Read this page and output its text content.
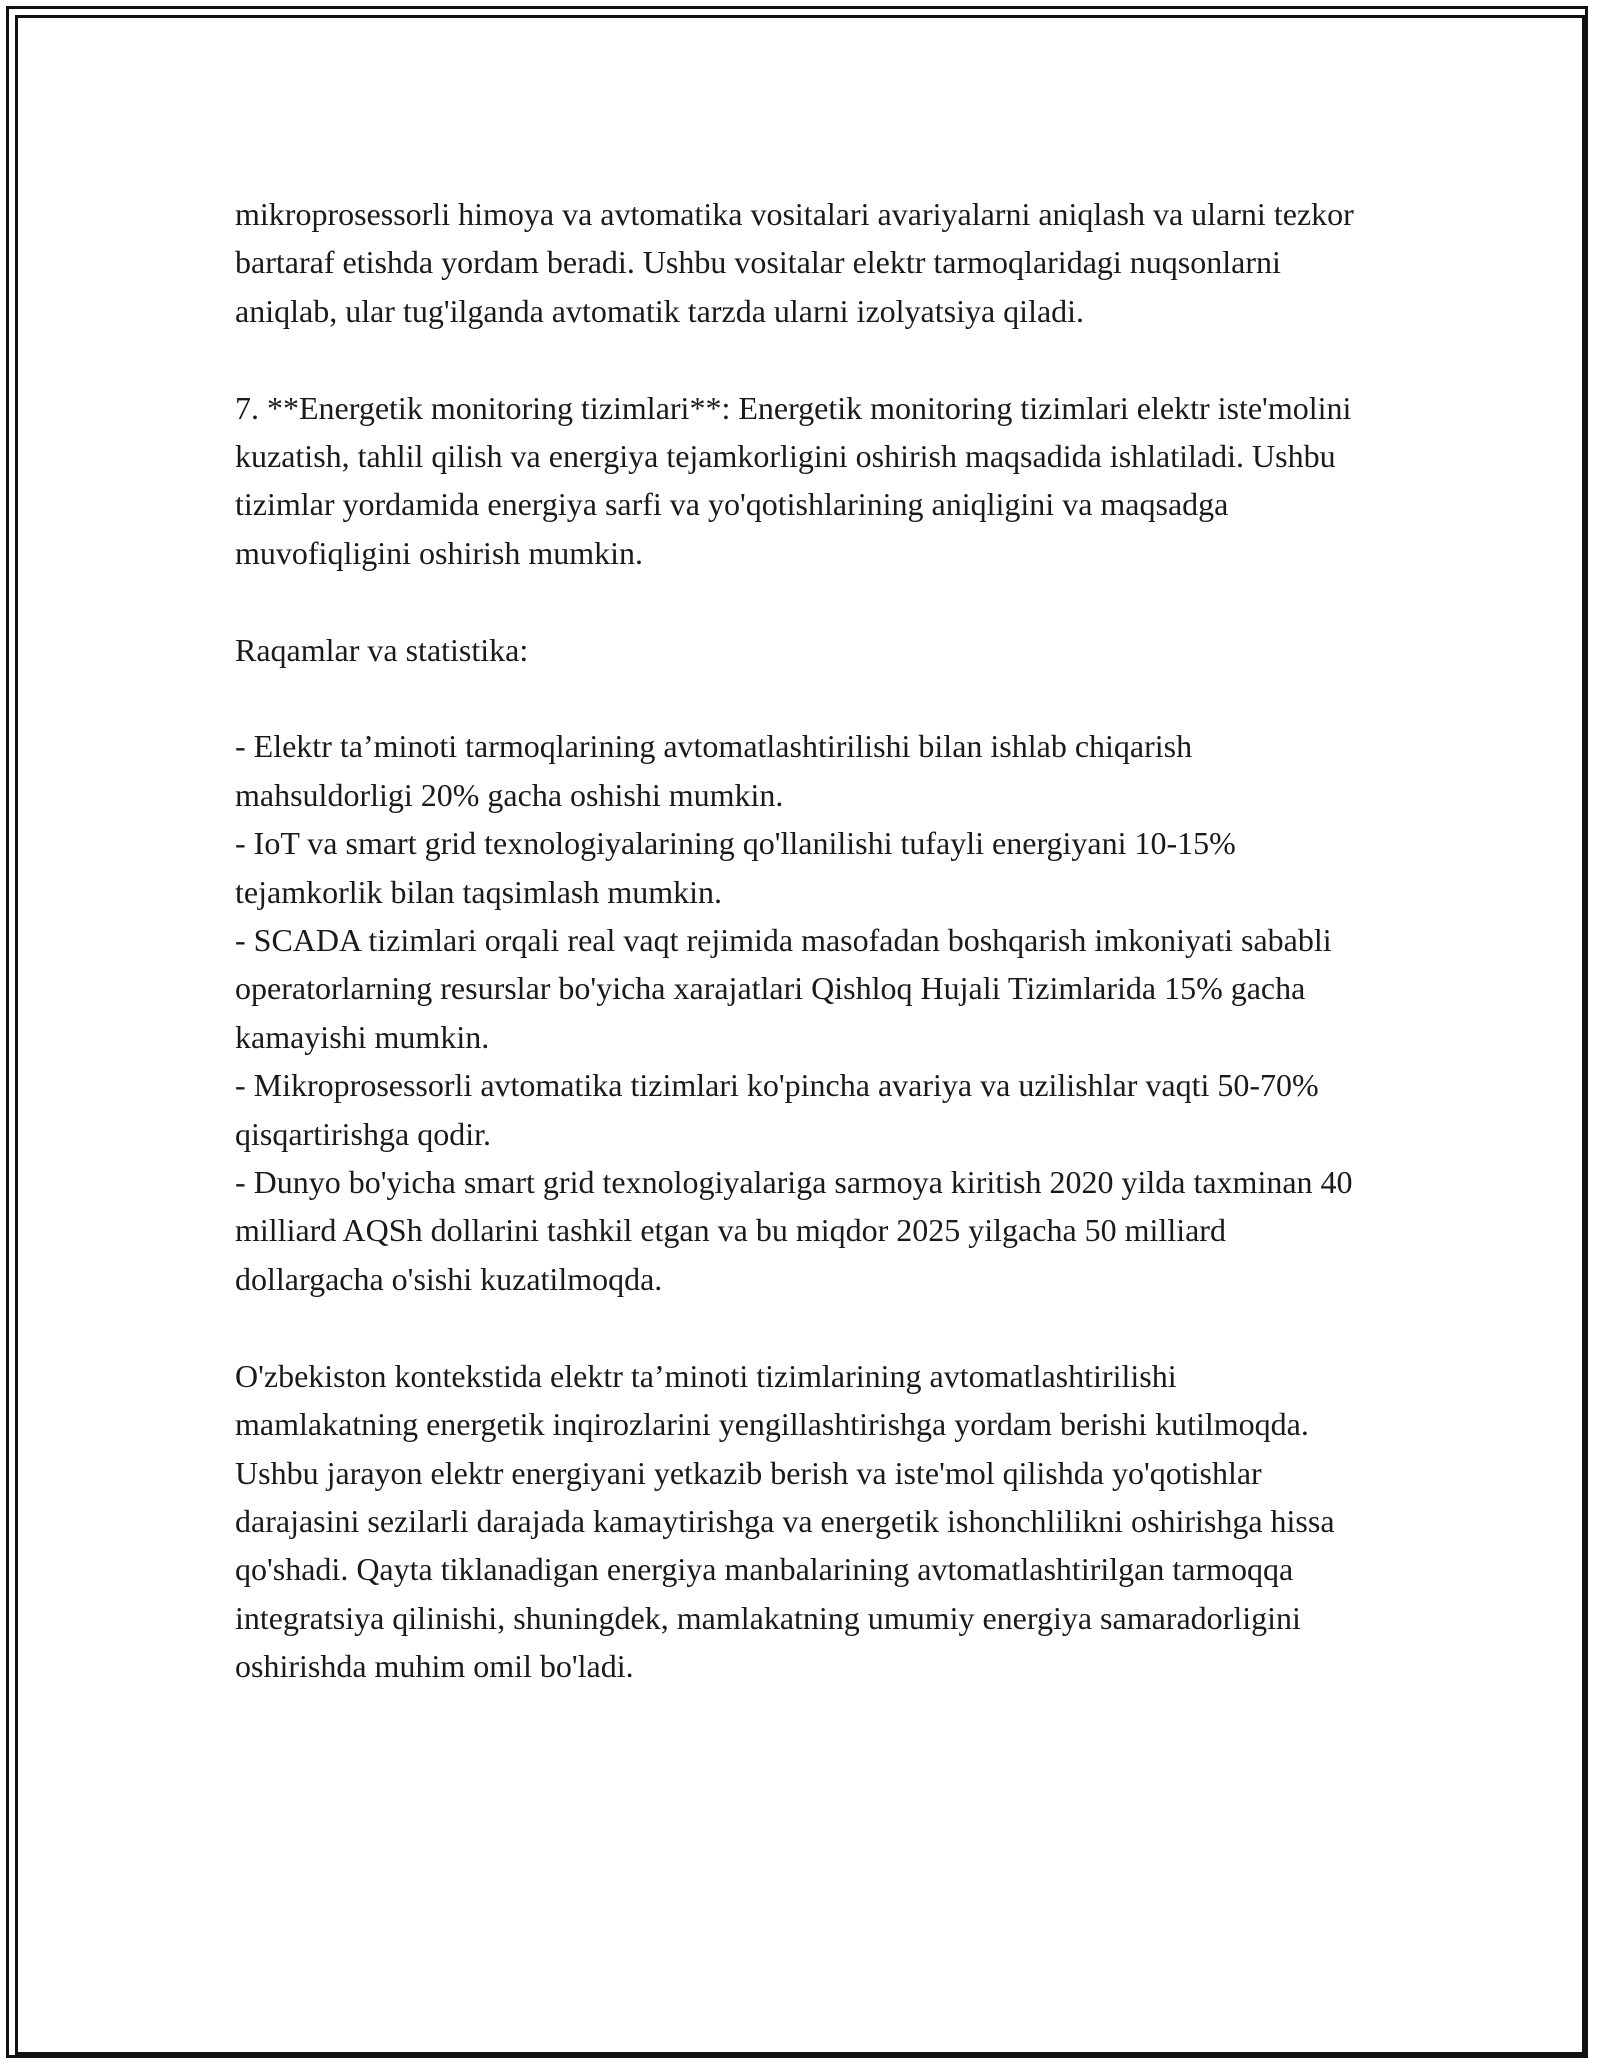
mikroprosessorli himoya va avtomatika vositalari avariyalarni aniqlash va ularni tezkor bartaraf etishda yordam beradi. Ushbu vositalar elektr tarmoqlaridagi nuqsonlarni aniqlab, ular tug'ilganda avtomatik tarzda ularni izolyatsiya qiladi.

7. **Energetik monitoring tizimlari**: Energetik monitoring tizimlari elektr iste'molini kuzatish, tahlil qilish va energiya tejamkorligini oshirish maqsadida ishlatiladi. Ushbu tizimlar yordamida energiya sarfi va yo'qotishlarining aniqligini va maqsadga muvofiqligini oshirish mumkin.

Raqamlar va statistika:

- Elektr ta’minoti tarmoqlarining avtomatlashtirilishi bilan ishlab chiqarish mahsuldorligi 20% gacha oshishi mumkin.

- IoT va smart grid texnologiyalarining qo'llanilishi tufayli energiyani 10-15% tejamkorlik bilan taqsimlash mumkin.

- SCADA tizimlari orqali real vaqt rejimida masofadan boshqarish imkoniyati sababli operatorlarning resurslar bo'yicha xarajatlari Qishloq Hujali Tizimlarida 15% gacha kamayishi mumkin.

- Mikroprosessorli avtomatika tizimlari ko'pincha avariya va uzilishlar vaqti 50-70% qisqartirishga qodir.

- Dunyo bo'yicha smart grid texnologiyalariga sarmoya kiritish 2020 yilda taxminan 40 milliard AQSh dollarini tashkil etgan va bu miqdor 2025 yilgacha 50 milliard dollargacha o'sishi kuzatilmoqda.

O'zbekiston kontekstida elektr ta’minoti tizimlarining avtomatlashtirilishi mamlakatning energetik inqirozlarini yengillashtirishga yordam berishi kutilmoqda. Ushbu jarayon elektr energiyani yetkazib berish va iste'mol qilishda yo'qotishlar darajasini sezilarli darajada kamaytirishga va energetik ishonchlilikni oshirishga hissa qo'shadi. Qayta tiklanadigan energiya manbalarining avtomatlashtirilgan tarmoqqa integratsiya qilinishi, shuningdek, mamlakatning umumiy energiya samaradorligini oshirishda muhim omil bo'ladi.
